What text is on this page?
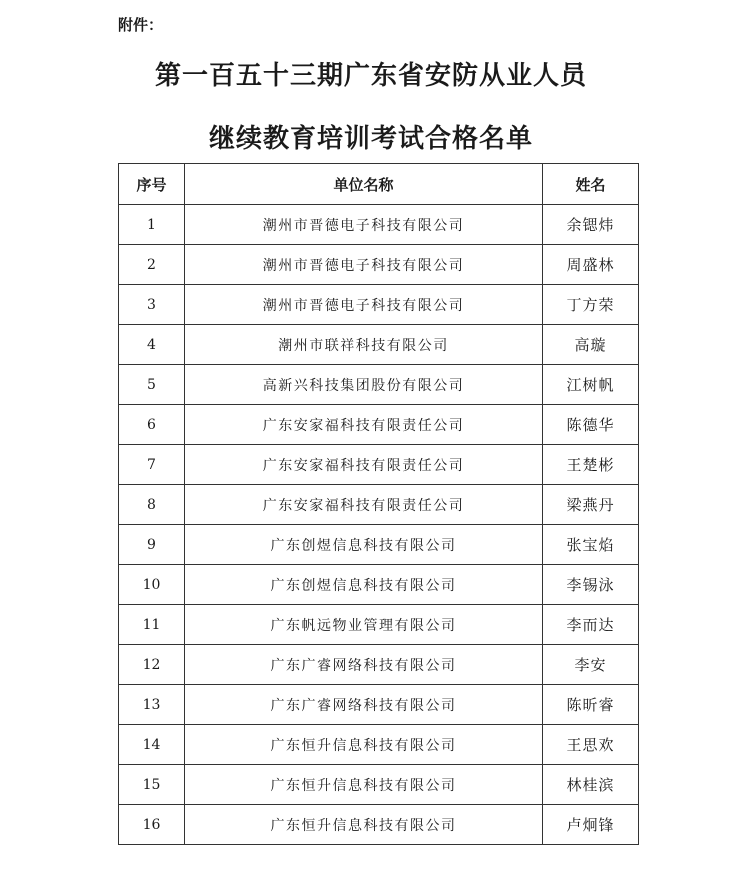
附件：
第一百五十三期广东省安防从业人员
继续教育培训考试合格名单
序号	单位名称	姓名
1	潮州市晋德电子科技有限公司	余锶炜
2	潮州市晋德电子科技有限公司	周盛林
3	潮州市晋德电子科技有限公司	丁方荣
4	潮州市联祥科技有限公司	高璇
5	高新兴科技集团股份有限公司	江树帆
6	广东安家福科技有限责任公司	陈德华
7	广东安家福科技有限责任公司	王楚彬
8	广东安家福科技有限责任公司	梁燕丹
9	广东创煜信息科技有限公司	张宝焰
10	广东创煜信息科技有限公司	李锡泳
11	广东帆远物业管理有限公司	李而达
12	广东广睿网络科技有限公司	李安
13	广东广睿网络科技有限公司	陈昕睿
14	广东恒升信息科技有限公司	王思欢
15	广东恒升信息科技有限公司	林桂滨
16	广东恒升信息科技有限公司	卢炯锋
